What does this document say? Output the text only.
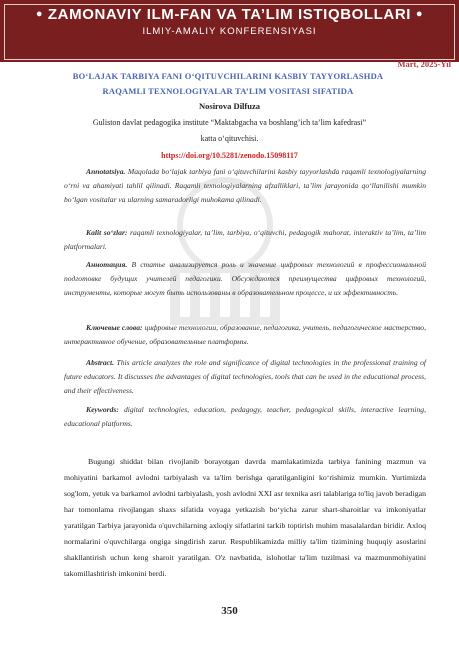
● ZAMONAVIY ILM-FAN VA TA’LIM ISTIQBOLLARI ●
ILMIY-AMALIY KONFERENSIYASI
Mart, 2025-Yil
BO‘LAJAK TARBIYA FANI O‘QITUVCHILARINI KASBIY TAYYORLASHDA
RAQAMLI TEXNOLOGIYALAR TA’LIM VOSITASI SIFATIDA
Nosirova Dilfuza
Guliston davlat pedagogika institute “Maktabgacha va boshlang’ich ta’lim kafedrasi”
katta o‘qituvchisi.
https://doi.org/10.5281/zenodo.15098117
Annotatsiya. Maqolada bo‘lajak tarbiya fani o‘qituvchilarini kasbiy tayyorlashda raqamli texnologiyalarning o‘rni va ahamiyati tahlil qilinadi. Raqamli texnologiyalarning afzalliklari, ta’lim jarayonida qo‘llanilishi mumkin bo‘lgan vositalar va ularning samaradorligi muhokama qilinadi.
Kalit so‘zlar: raqamli texnologiyalar, ta’lim, tarbiya, o‘qituvchi, pedagogik mahorat, interaktiv ta’lim, ta’lim platformalari.
Аннотация. В статье анализируется роль и значение цифровых технологий в профессиональной подготовке будущих учителей педагогики. Обсуждаются преимущества цифровых технологий, инструменты, которые могут быть использованы в образовательном процессе, и их эффективность.
Ключевые слова: цифровые технологии, образование, педагогика, учитель, педагогическое мастерство, интерактивное обучение, образовательные платформы.
Abstract. This article analyzes the role and significance of digital technologies in the professional training of future educators. It discusses the advantages of digital technologies, tools that can be used in the educational process, and their effectiveness.
Keywords: digital technologies, education, pedagogy, teacher, pedagogical skills, interactive learning, educational platforms.
Bugungi shiddat bilan rivojlanib borayotgan davrda mamlakatimizda tarbiya fanining mazmun va mohiyatini barkamol avlodni tarbiyalash va ta'lim berishga qaratilganligini ko‘rishimiz mumkin. Yurtimizda sog'lom, yetuk va barkamol avlodni tarbiyalash, yosh avlodni XXI asr texnika asri talablariga to'liq javob beradigan har tomonlama rivojlangan shaxs sifatida voyaga yetkazish bo‘yicha zarur shart-sharoitlar va imkoniyatlar yaratilgan Tarbiya jarayonida o'quvchilarning axloqiy sifatlarini tarkib toptirish muhim masalalardan biridir. Axloq normalarini o'quvchilarga ongiga singdirish zarur. Respublikamizda milliy ta'lim tizimining huquqiy asoslarini shakllantirish uchun keng sharoit yaratilgan. O'z navbatida, islohotlar ta'lim tuzilmasi va mazmunmohiyatini takomillashtirish imkonini berdi.
350
